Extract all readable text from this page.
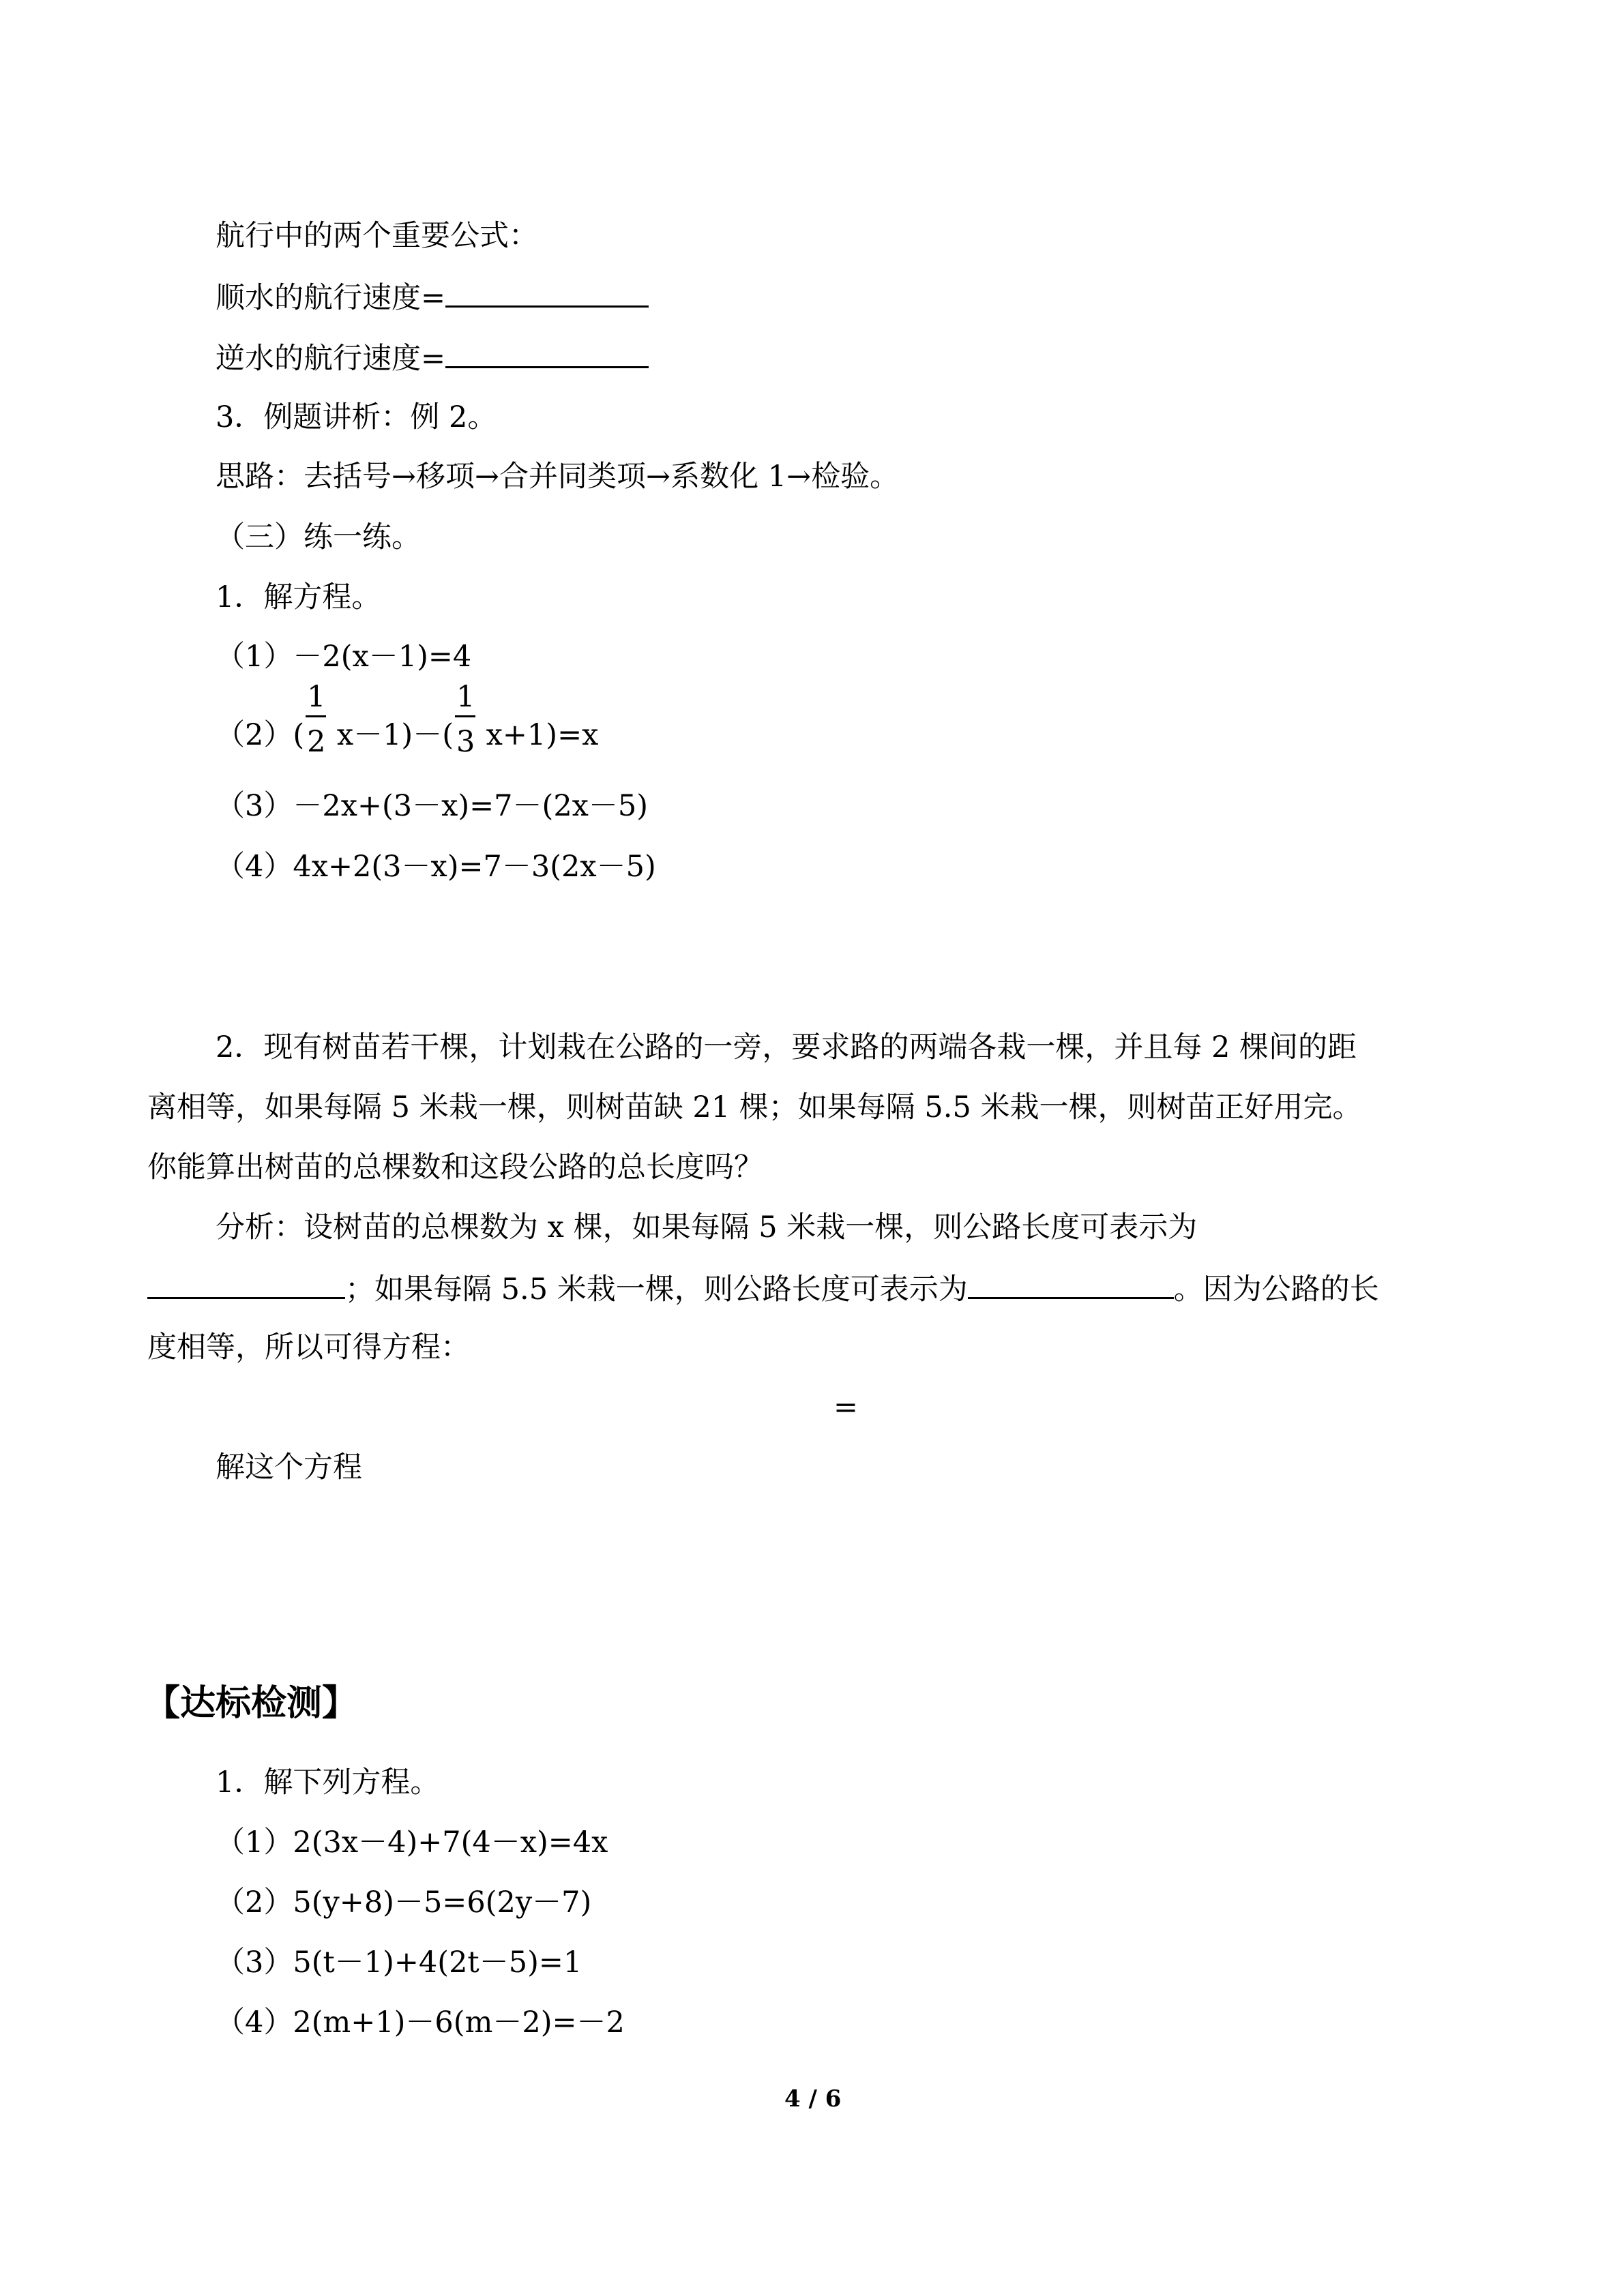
航行中的两个重要公式：
顺水的航行速度=
逆水的航行速度=
3．例题讲析：例 2。
思路：去括号→移项→合并同类项→系数化 1→检验。
（三）练一练。
1．解方程。
（1）－2(x－1)=4
$(2)( \frac{1}{2} x-1)-( \frac{1}{3} x+1)=x$
（3）－2x+(3－x)=7－(2x－5)
（4）4x+2(3－x)=7－3(2x－5)
2．现有树苗若干棵，计划栽在公路的一旁，要求路的两端各栽一棵，并且每 2 棵间的距
离相等，如果每隔 5 米栽一棵，则树苗缺 21 棵；如果每隔 5.5 米栽一棵，则树苗正好用完。
你能算出树苗的总棵数和这段公路的总长度吗？
分析：设树苗的总棵数为 x 棵，如果每隔 5 米栽一棵，则公路长度可表示为
；如果每隔 5.5 米栽一棵，则公路长度可表示为	。因为公路的长
度相等，所以可得方程：
=
解这个方程
【达标检测】
1．解下列方程。
（1）2(3x－4)+7(4－x)=4x
（2）5(y+8)－5=6(2y－7)
（3）5(t－1)+4(2t－5)=1
（4）2(m+1)－6(m－2)=－2
4 / 6
